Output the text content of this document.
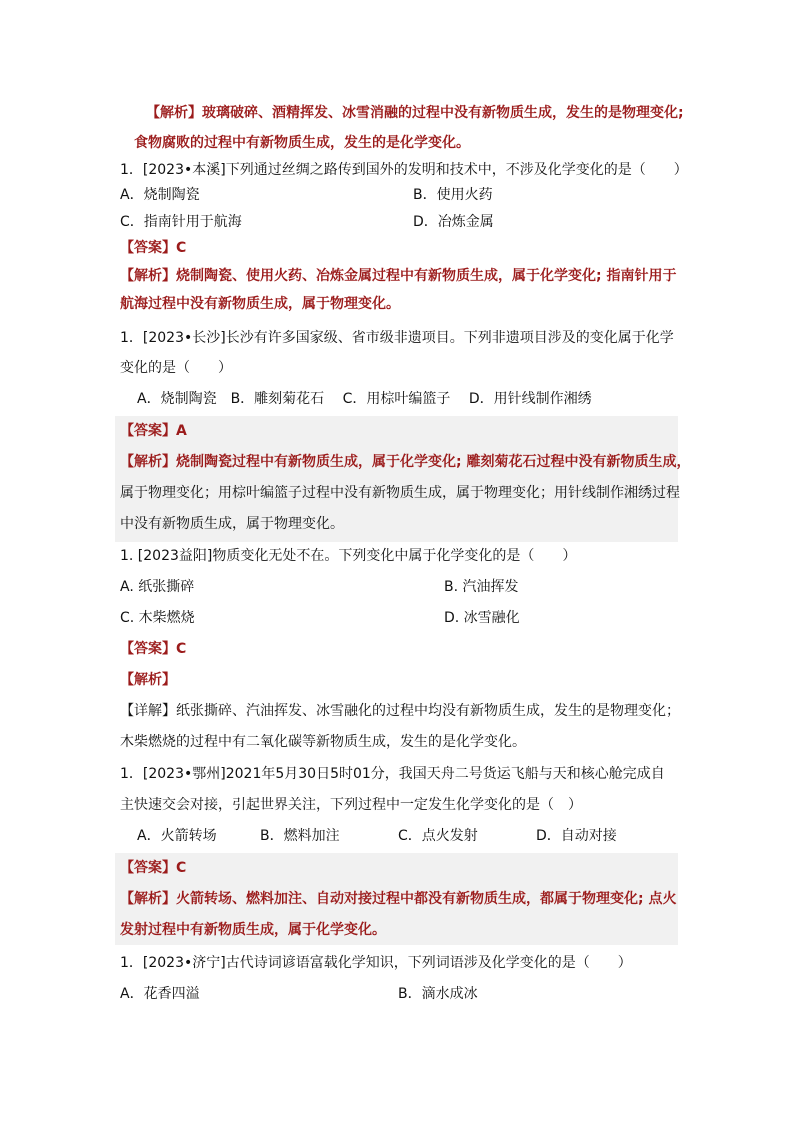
【解析】玻璃破碎、酒精挥发、冰雪消融的过程中没有新物质生成，发生的是物理变化;
食物腐败的过程中有新物质生成，发生的是化学变化。
1．[2023•本溪]下列通过丝绸之路传到国外的发明和技术中，不涉及化学变化的是（　　）
A．烧制陶瓷	B．使用火药
C．指南针用于航海	D．冶炼金属
【答案】C
【解析】烧制陶瓷、使用火药、冶炼金属过程中有新物质生成，属于化学变化; 指南针用于
航海过程中没有新物质生成，属于物理变化。
1．[2023•长沙]长沙有许多国家级、省市级非遗项目。下列非遗项目涉及的变化属于化学
变化的是（　　）
A．烧制陶瓷　B．雕刻菊花石　 C．用棕叶编篮子　 D．用针线制作湘绣
【答案】A
【解析】烧制陶瓷过程中有新物质生成，属于化学变化; 雕刻菊花石过程中没有新物质生成，
属于物理变化；用棕叶编篮子过程中没有新物质生成，属于物理变化；用针线制作湘绣过程
中没有新物质生成，属于物理变化。
1. [2023益阳]物质变化无处不在。下列变化中属于化学变化的是（　　）
A. 纸张撕碎	B. 汽油挥发
C. 木柴燃烧	D. 冰雪融化
【答案】C
【解析】
【详解】纸张撕碎、汽油挥发、冰雪融化的过程中均没有新物质生成，发生的是物理变化；
木柴燃烧的过程中有二氧化碳等新物质生成，发生的是化学变化。
1．[2023•鄂州]2021年5月30日5时01分，我国天舟二号货运飞船与天和核心舱完成自
主快速交会对接，引起世界关注，下列过程中一定发生化学变化的是（　）
A．火箭转场	B．燃料加注	C．点火发射	D．自动对接
【答案】C
【解析】火箭转场、燃料加注、自动对接过程中都没有新物质生成，都属于物理变化; 点火
发射过程中有新物质生成，属于化学变化。
1．[2023•济宁]古代诗词谚语富载化学知识，下列词语涉及化学变化的是（　　）
A．花香四溢	B．滴水成冰
